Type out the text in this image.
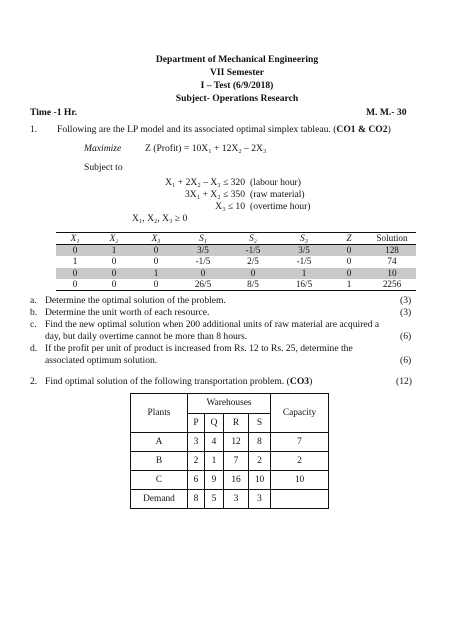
Department of Mechanical Engineering
VII Semester
I – Test (6/9/2018)
Subject- Operations Research
Time -1 Hr.	M. M.- 30
1. Following are the LP model and its associated optimal simplex tableau. (CO1 & CO2)
Maximize Z (Profit) = 10X₁ + 12X₂ – 2X₃
Subject to
X₁ + 2X₂ – X₃ ≤ 320 (labour hour)
3X₁ + X₂ ≤ 350 (raw material)
X₃ ≤ 10 (overtime hour)
X₁, X₂, X₃ ≥ 0
X₁	X₂	X₃	S₁	S₂	S₃	Z	Solution
0	1	0	3/5	-1/5	3/5	0	128
1	0	0	-1/5	2/5	-1/5	0	74
0	0	1	0	0	1	0	10
0	0	0	26/5	8/5	16/5	1	2256
a. Determine the optimal solution of the problem.	(3)
b. Determine the unit worth of each resource.	(3)
c. Find the new optimal solution when 200 additional units of raw material are acquired a
day, but daily overtime cannot be more than 8 hours.	(6)
d. If the profit per unit of product is increased from Rs. 12 to Rs. 25, determine the
associated optimum solution.	(6)
2. Find optimal solution of the following transportation problem. (CO3)	(12)
Plants	Warehouses				Capacity
	P	Q	R	S	
A	3	4	12	8	7
B	2	1	7	2	2
C	6	9	16	10	10
Demand	8	5	3	3	
